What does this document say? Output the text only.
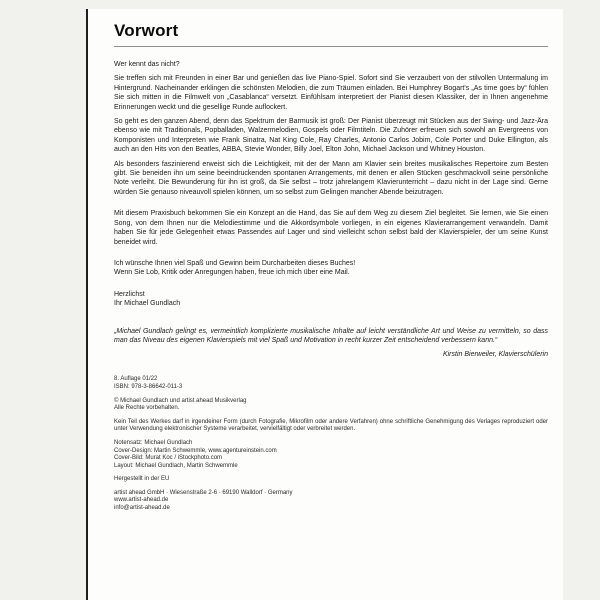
Vorwort

Wer kennt das nicht?

Sie treffen sich mit Freunden in einer Bar und genießen das live Piano-Spiel. Sofort sind Sie verzaubert von der stilvollen Untermalung im Hintergrund. Nacheinander erklingen die schönsten Melodien, die zum Träumen einladen. Bei Humphrey Bogart's „As time goes by“ fühlen Sie sich mitten in die Filmwelt von „Casablanca“ versetzt. Einfühlsam interpretiert der Pianist diesen Klassiker, der in Ihnen angenehme Erinnerungen weckt und die gesellige Runde auflockert.

So geht es den ganzen Abend, denn das Spektrum der Barmusik ist groß: Der Pianist überzeugt mit Stücken aus der Swing- und Jazz-Ära ebenso wie mit Traditionals, Popballaden, Walzermelodien, Gospels oder Filmtiteln. Die Zuhörer erfreuen sich sowohl an Evergreens von Komponisten und Interpreten wie Frank Sinatra, Nat King Cole, Ray Charles, Antonio Carlos Jobim, Cole Porter und Duke Ellington, als auch an den Hits von den Beatles, ABBA, Stevie Wonder, Billy Joel, Elton John, Michael Jackson und Whitney Houston.

Als besonders faszinierend erweist sich die Leichtigkeit, mit der der Mann am Klavier sein breites musikalisches Repertoire zum Besten gibt. Sie beneiden ihn um seine beeindruckenden spontanen Arrangements, mit denen er allen Stücken geschmackvoll seine persönliche Note verleiht. Die Bewunderung für ihn ist groß, da Sie selbst – trotz jahrelangem Klavierunterricht – dazu nicht in der Lage sind. Gerne würden Sie genauso niveauvoll spielen können, um so selbst zum Gelingen mancher Abende beizutragen.

Mit diesem Praxisbuch bekommen Sie ein Konzept an die Hand, das Sie auf dem Weg zu diesem Ziel begleitet. Sie lernen, wie Sie einen Song, von dem Ihnen nur die Melodiestimme und die Akkordsymbole vorliegen, in ein eigenes Klavierarrangement verwandeln. Damit haben Sie für jede Gelegenheit etwas Passendes auf Lager und sind vielleicht schon selbst bald der Klavierspieler, der um seine Kunst beneidet wird.

Ich wünsche Ihnen viel Spaß und Gewinn beim Durcharbeiten dieses Buches!

Wenn Sie Lob, Kritik oder Anregungen haben, freue ich mich über eine Mail.

Herzlichst

Ihr Michael Gundlach

„Michael Gundlach gelingt es, vermeintlich komplizierte musikalische Inhalte auf leicht verständliche Art und Weise zu vermitteln, so dass man das Niveau des eigenen Klavierspiels mit viel Spaß und Motivation in recht kurzer Zeit entscheidend verbessern kann.“

Kirstin Bierweiler, Klavierschülerin

8. Auflage 01/22

ISBN: 978-3-86642-011-3

© Michael Gundlach und artist ahead Musikverlag

Alle Rechte vorbehalten.

Kein Teil des Werkes darf in irgendeiner Form (durch Fotografie, Mikrofilm oder andere Verfahren) ohne schriftliche Genehmigung des Verlages reproduziert oder unter Verwendung elektronischer Systeme verarbeitet, vervielfältigt oder verbreitet werden.

Notensatz: Michael Gundlach

Cover-Design: Martin Schwemmle, www.agentureinstein.com

Cover-Bild: Murat Koc / iStockphoto.com

Layout: Michael Gundlach, Martin Schwemmle

Hergestellt in der EU

artist ahead GmbH · Wiesenstraße 2-6 · 69190 Walldorf · Germany

www.artist-ahead.de

info@artist-ahead.de
